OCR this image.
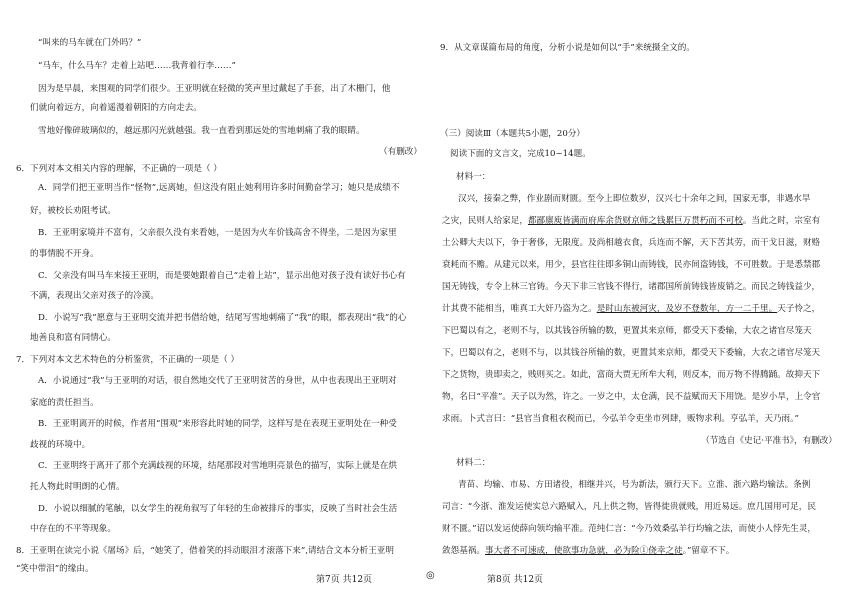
“叫来的马车就在门外吗？”
“马车，什么马车？走着上站吧……我背着行李……”
因为是早晨，来围观的同学们很少。王亚明就在轻微的笑声里过戴起了手套，出了木栅门，他
们就向着远方，向着遥漫着朝阳的方向走去。
雪地好像碎玻璃似的，越远那闪光就越强。我一直看到那远处的雪地刺痛了我的眼睛。
（有删改）
6．下列对本文相关内容的理解，不正确的一项是（ ）
A．同学们把王亚明当作“怪物”,远离她，但这没有阻止她利用许多时间勤奋学习；她只是成绩不
好，被校长劝阻考试。
B．王亚明家境并不富有，父亲很久没有来看她，一是因为火车价钱高舍不得坐，二是因为家里
的事情脱不开身。
C．父亲没有叫马车来接王亚明，而是要她跟着自己“走着上站”，显示出他对孩子没有读好书心有
不满，表现出父亲对孩子的冷漠。
D．小说写“我”愿意与王亚明交流并把书借给她，结尾写雪地刺痛了“我”的眼，都表现出“我”的心
地善良和富有同情心。
7．下列对本文艺术特色的分析鉴赏，不正确的一项是（ ）
A．小说通过“我”与王亚明的对话，很自然地交代了王亚明贫苦的身世，从中也表现出王亚明对
家庭的责任担当。
B．王亚明离开的时候，作者用“围观”来形容此时她的同学，这样写是在表现王亚明处在一种受
歧视的环境中。
C．王亚明终于离开了那个充满歧视的环境，结尾那段对雪地明亮景色的描写，实际上就是在烘
托人物此时明朗的心情。
D．小说以细腻的笔触，以女学生的视角叙写了年轻的生命被排斥的事实，反映了当时社会生活
中存在的不平等现象。
8．王亚明在读完小说《屠场》后，“她笑了，借着笑的抖动眼泪才滚落下来”,请结合文本分析王亚明
“笑中带泪”的缘由。
第7页 共12页	◎
9．从文章谋篇布局的角度，分析小说是如何以“手”来统摄全文的。
（三）阅读Ⅲ（本题共5小题，20分）
阅读下面的文言文，完成10~14题。
材料一：
汉兴，接秦之弊，作业剧而财匮。至今上即位数岁，汉兴七十余年之间，国家无事，非遇水旱
之灾，民则人给家足，都鄙廪庾皆满而府库余货财京师之钱累巨万贯朽而不可校。当此之时，宗室有
土公卿大夫以下，争于奢侈，无限度。及尚相越衣食，兵连而不解，天下苦其劳，而干戈日滋，财赂
衰耗而不赡。从建元以来，用少，县官往往即多铜山而铸钱，民亦间盗铸钱，不可胜数。于是悉禁郡
国无铸钱，专令上林三官铸。今天下非三官钱不得行，诸郡国所前铸钱皆废销之。而民之铸钱益少，
计其费不能相当，唯真工大奸乃盗为之。是时山东被河灾，及岁不登数年，方一二千里。天子怜之，
下巴蜀以有之，老则不与，以其钱谷所输的数，更置其来京师，都受天下委输，大农之诸官尽笼天
下，巴蜀以有之，老则不与，以其钱谷所输的数，更置其来京师，都受天下委输，大农之诸官尽笼天
下之货物，贵即卖之，贱则买之。如此，富商大贾无所牟大利，则反本，而万物不得腾踊。故抑天下
物，名曰“平准”。天子以为然，许之。一岁之中，太仓满，民不益赋而天下用饶。是岁小旱，上令官
求雨。卜式言曰：“县官当食租衣税而已，今弘羊令吏坐市列肆，贩物求利。亨弘羊，天乃雨。”
（节选自《史记·平准书》，有删改）
材料二：
青苗、均输、市易、方田诸役，相继并兴，号为新法，颁行天下。立淮、浙六路均输法。条例
司言：“今浙、淮发运使实总六路赋入，凡上供之物，皆得徙贵就贱，用近易远。庶几国用可足，民
财不匮。”诏以发运使薛向领均输平准。范纯仁言：“今乃效桑弘羊行均输之法，而使小人悖先生灵，
敛怨基祸。事大者不可速成，使欲事功急就，必为险①侥幸之徒。”留章不下。
第8页 共12页
